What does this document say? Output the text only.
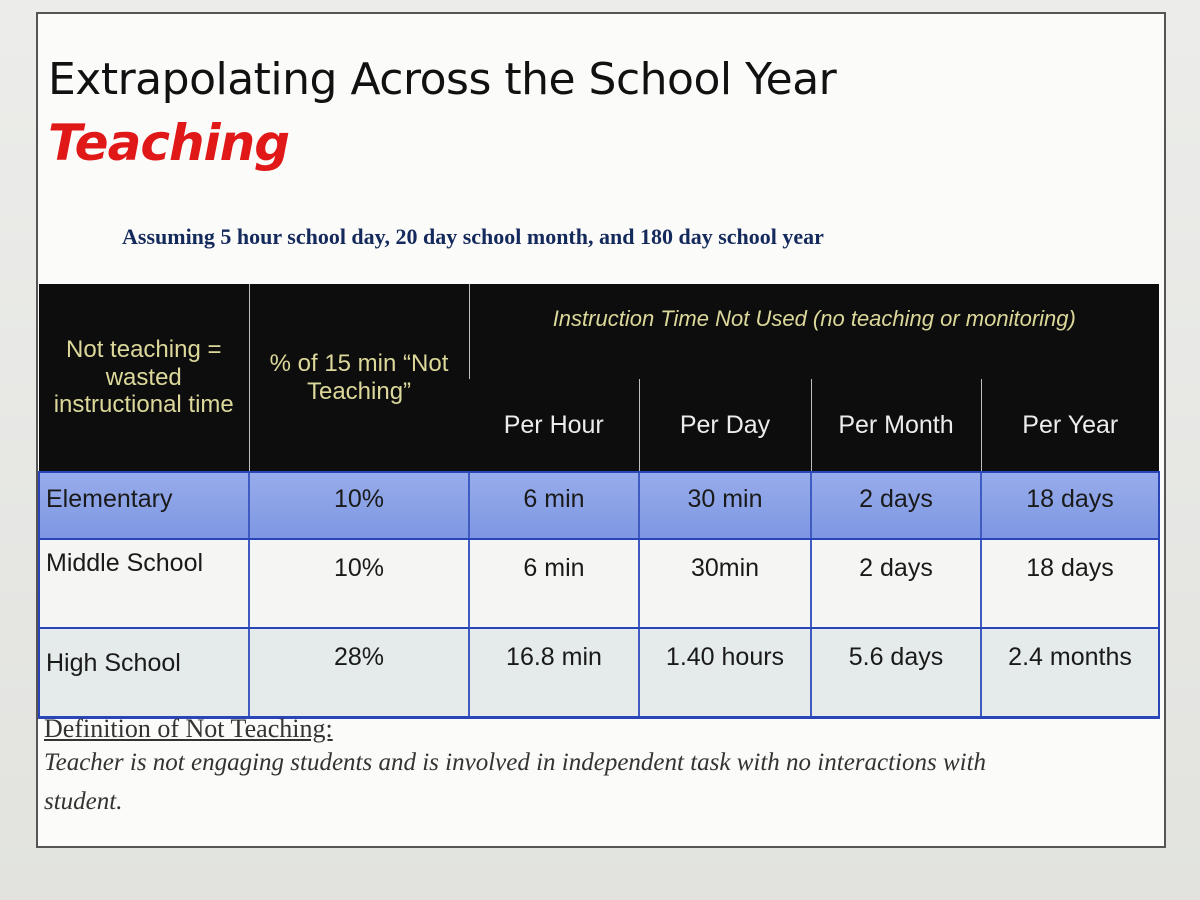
Extrapolating Across the School Year
Teaching
Assuming 5 hour school day, 20 day school month, and 180 day school year
Not teaching = wasted instructional time	% of 15 min “Not Teaching”	Instruction Time Not Used (no teaching or monitoring)			
		Per Hour	Per Day	Per Month	Per Year
Elementary	10%	6 min	30 min	2 days	18 days
Middle School	10%	6 min	30min	2 days	18 days
High School	28%	16.8 min	1.40 hours	5.6 days	2.4 months

Definition of Not Teaching:

Teacher is not engaging students and is involved in independent task with no interactions with student.
